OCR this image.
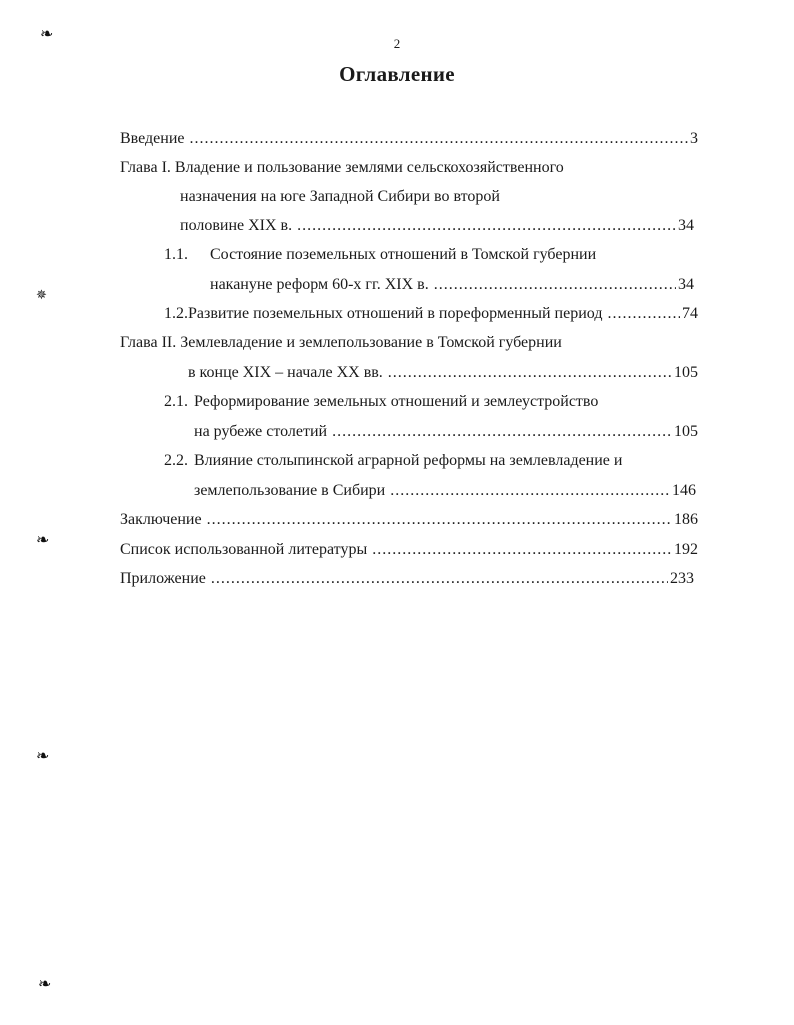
2
Оглавление
Введение .....	3
Глава I. Владение и пользование землями сельскохозяйственного
назначения на юге Западной Сибири во второй
половине XIX в. .....	34
1.1.	Состояние поземельных отношений в Томской губернии
накануне реформ 60-х гг. XIX в. .....	34
1.2. Развитие поземельных отношений в пореформенный период .....	74
Глава II. Землевладение и землепользование в Томской губернии
в конце XIX – начале XX вв. .....	105
2.1. Реформирование земельных отношений и землеустройство
на рубеже столетий .....	105
2.2. Влияние столыпинской аграрной реформы на землевладение и
землепользование в Сибири .....	146
Заключение .....	186
Список использованной литературы .....	192
Приложение .....	233
❧
✵
❧
❧
❧
